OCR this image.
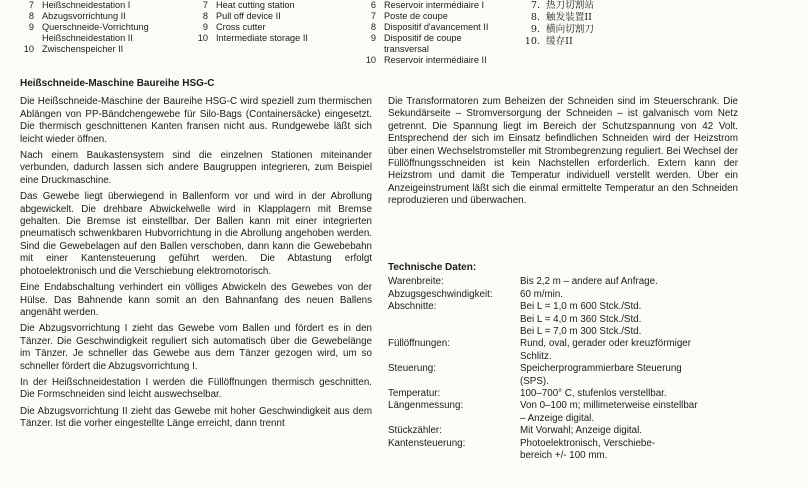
7 Heißschneidestation I
8 Abzugsvorrichtung II
9 Querschneide-Vorrichtung
Heißschneidestation II
10 Zwischenspeicher II
7 Heat cutting station
8 Pull off device II
9 Cross cutter
10 Intermediate storage II
6 Reservoir intermédiaire I
7 Poste de coupe
8 Dispositif d'avancement II
9 Dispositif de coupe
transversal
10 Reservoir intermédiaire II
7. 热刀切割站
8. 触发装置II
9. 横向切割刀
10. 缓存II
Heißschneide-Maschine Baureihe HSG-C

Die Heißschneide-Maschine der Baureihe HSG-C wird speziell zum thermischen Ablängen von PP-Bändchengewebe für Silo-Bags (Containersäcke) eingesetzt. Die thermisch geschnittenen Kanten fransen nicht aus. Rundgewebe läßt sich leicht wieder öffnen.

Nach einem Baukastensystem sind die einzelnen Stationen miteinander verbunden, dadurch lassen sich andere Baugruppen integrieren, zum Beispiel eine Druckmaschine.

Das Gewebe liegt überwiegend in Ballenform vor und wird in der Abrollung abgewickelt. Die drehbare Abwickelwelle wird in Klapplagern mit Bremse gehalten. Die Bremse ist einstellbar. Der Ballen kann mit einer integrierten pneumatisch schwenkbaren Hubvorrichtung in die Abrollung angehoben werden. Sind die Gewebelagen auf den Ballen verschoben, dann kann die Gewebebahn mit einer Kantensteuerung geführt werden. Die Abtastung erfolgt photoelektronisch und die Verschiebung elektromotorisch.

Eine Endabschaltung verhindert ein völliges Abwickeln des Gewebes von der Hülse. Das Bahnende kann somit an den Bahnanfang des neuen Ballens angenäht werden.

Die Abzugsvorrichtung I zieht das Gewebe vom Ballen und fördert es in den Tänzer. Die Geschwindigkeit reguliert sich automatisch über die Gewebelänge im Tänzer. Je schneller das Gewebe aus dem Tänzer gezogen wird, um so schneller fördert die Abzugsvorrichtung I.

In der Heißschneidestation I werden die Füllöffnungen thermisch geschnitten. Die Formschneiden sind leicht auswechselbar.

Die Abzugsvorrichtung II zieht das Gewebe mit hoher Geschwindigkeit aus dem Tänzer. Ist die vorher eingestellte Länge erreicht, dann trennt

Die Transformatoren zum Beheizen der Schneiden sind im Steuerschrank. Die Sekundärseite – Stromversorgung der Schneiden – ist galvanisch vom Netz getrennt. Die Spannung liegt im Bereich der Schutzspannung von 42 Volt. Entsprechend der sich im Einsatz befindlichen Schneiden wird der Heizstrom über einen Wechselstromsteller mit Strombegrenzung reguliert. Bei Wechsel der Füllöffnungsschneiden ist kein Nachstellen erforderlich. Extern kann der Heizstrom und damit die Temperatur individuell verstellt werden. Über ein Anzeigeinstrument läßt sich die einmal ermittelte Temperatur an den Schneiden reproduzieren und überwachen.

Technische Daten:
Warenbreite:	Bis 2,2 m – andere auf Anfrage.
Abzugsgeschwindigkeit:	60 m/min.
Abschnitte:	Bei L = 1,0 m 600 Stck./Std.
Bei L = 4,0 m 360 Stck./Std.
Bei L = 7,0 m 300 Stck./Std.
Füllöffnungen:	Rund, oval, gerader oder kreuzförmiger
Schlitz.
Steuerung:	Speicherprogrammierbare Steuerung
(SPS).
Temperatur:	100–700° C, stufenlos verstellbar.
Längenmessung:	Von 0–100 m; millimeterweise einstellbar
– Anzeige digital.
Stückzähler:	Mit Vorwahl; Anzeige digital.
Kantensteuerung:	Photoelektronisch, Verschiebe-
bereich +/- 100 mm.
